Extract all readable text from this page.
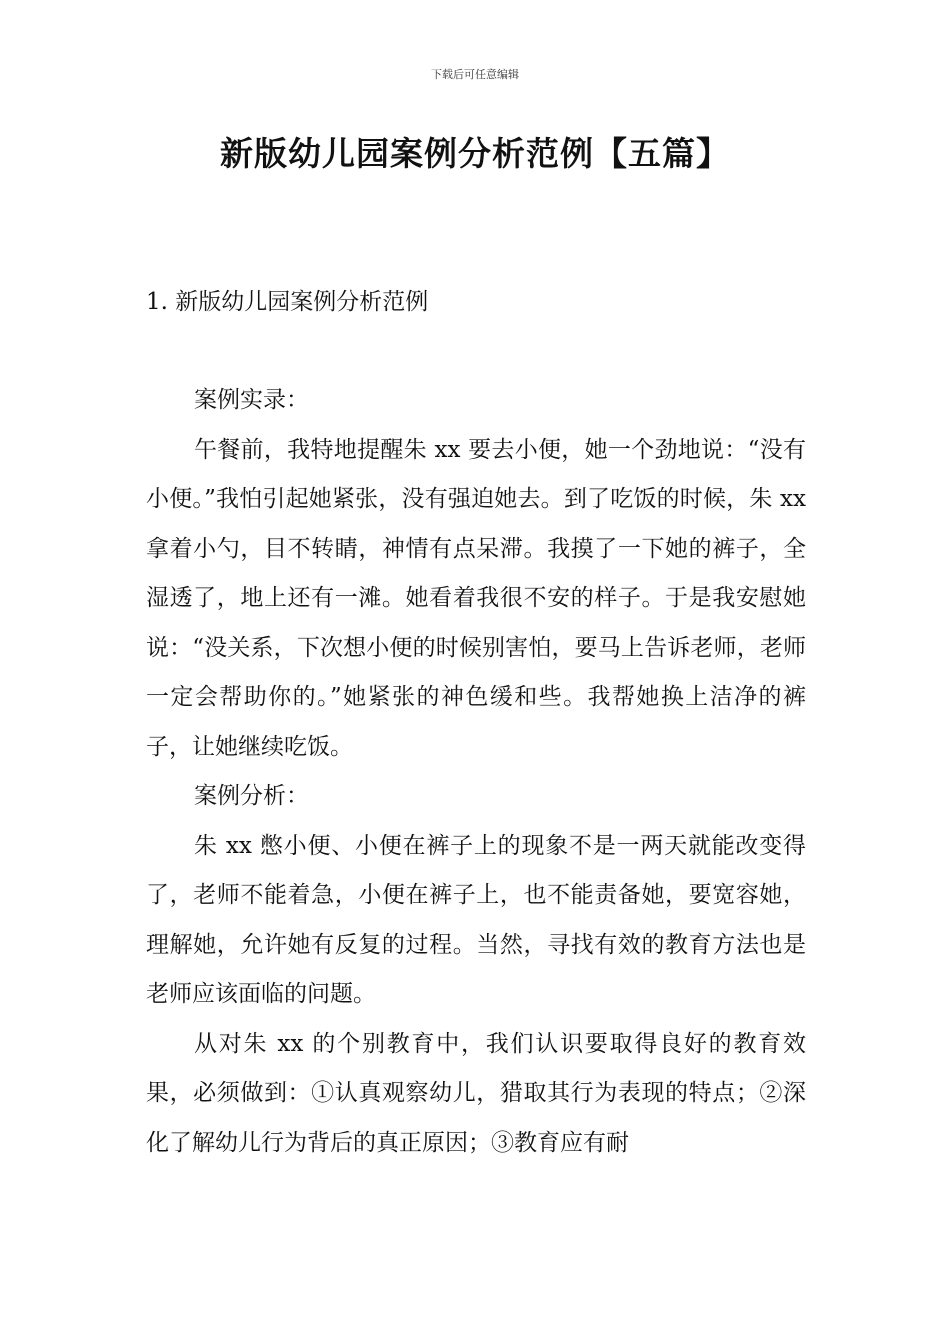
下载后可任意编辑
新版幼儿园案例分析范例【五篇】
1. 新版幼儿园案例分析范例

案例实录：

午餐前，我特地提醒朱 xx 要去小便，她一个劲地说：“没有小便。”我怕引起她紧张，没有强迫她去。到了吃饭的时候，朱 xx 拿着小勺，目不转睛，神情有点呆滞。我摸了一下她的裤子，全湿透了，地上还有一滩。她看着我很不安的样子。于是我安慰她说：“没关系，下次想小便的时候别害怕，要马上告诉老师，老师一定会帮助你的。”她紧张的神色缓和些。我帮她换上洁净的裤子，让她继续吃饭。

案例分析：

朱 xx 憋小便、小便在裤子上的现象不是一两天就能改变得了，老师不能着急，小便在裤子上，也不能责备她，要宽容她，理解她，允许她有反复的过程。当然，寻找有效的教育方法也是老师应该面临的问题。

从对朱 xx 的个别教育中，我们认识要取得良好的教育效果，必须做到：①认真观察幼儿，猎取其行为表现的特点；②深化了解幼儿行为背后的真正原因；③教育应有耐
